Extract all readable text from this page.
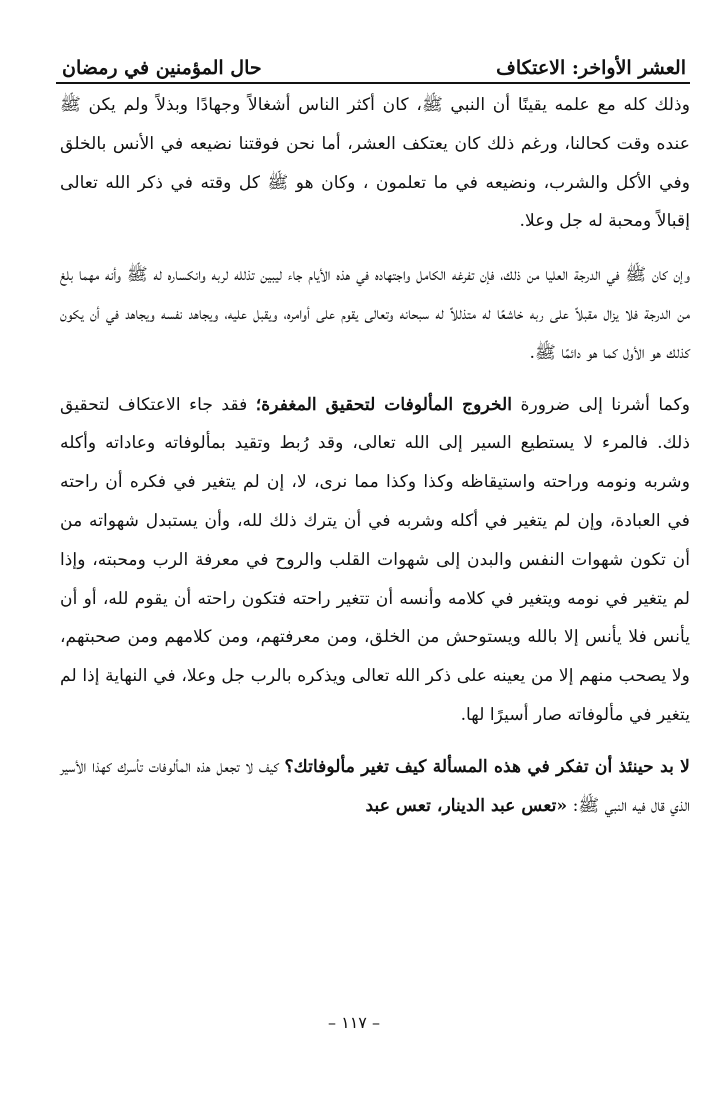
العشر الأواخر: الاعتكاف
حال المؤمنين في رمضان

وذلك كله مع علمه يقينًا أن النبي ﷺ، كان أكثر الناس أشغالاً وجهادًا وبذلاً ولم يكن ﷺ عنده وقت كحالنا، ورغم ذلك كان يعتكف العشر، أما نحن فوقتنا نضيعه في الأنس بالخلق وفي الأكل والشرب، ونضيعه في ما تعلمون ، وكان هو ﷺ كل وقته في ذكر الله تعالى إقبالاً ومحبة له جل وعلا.

وإن كان ﷺ في الدرجة العليا من ذلك، فإن تفرغه الكامل واجتهاده في هذه الأيام جاء ليبين تذلله لربه وانكساره له ﷺ وأنه مهما بلغ من الدرجة فلا يزال مقبلاً على ربه خاشعًا له متذللاً له سبحانه وتعالى يقوم على أوامره، ويقبل عليه، ويجاهد نفسه ويجاهد في أن يكون كذلك هو الأول كما هو دائمًا ﷺ.

وكما أشرنا إلى ضرورة الخروج المألوفات لتحقيق المغفرة؛ فقد جاء الاعتكاف لتحقيق ذلك. فالمرء لا يستطيع السير إلى الله تعالى، وقد رُبط وتقيد بمألوفاته وعاداته وأكله وشربه ونومه وراحته واستيقاظه وكذا وكذا مما نرى، لا، إن لم يتغير في فكره أن راحته في العبادة، وإن لم يتغير في أكله وشربه في أن يترك ذلك لله، وأن يستبدل شهواته من أن تكون شهوات النفس والبدن إلى شهوات القلب والروح في معرفة الرب ومحبته، وإذا لم يتغير في نومه ويتغير في كلامه وأنسه أن تتغير راحته فتكون راحته أن يقوم لله، أو أن يأنس فلا يأنس إلا بالله ويستوحش من الخلق، ومن معرفتهم، ومن كلامهم ومن صحبتهم، ولا يصحب منهم إلا من يعينه على ذكر الله تعالى ويذكره بالرب جل وعلا، في النهاية إذا لم يتغير في مألوفاته صار أسيرًا لها.

لا بد حينئذ أن تفكر في هذه المسألة كيف تغير مألوفاتك؟ كيف لا تجعل هذه المألوفات تأسرك كهذا الأسير الذي قال فيه النبي ﷺ: «تعس عبد الدينار، تعس عبد

– ١١٧ –
